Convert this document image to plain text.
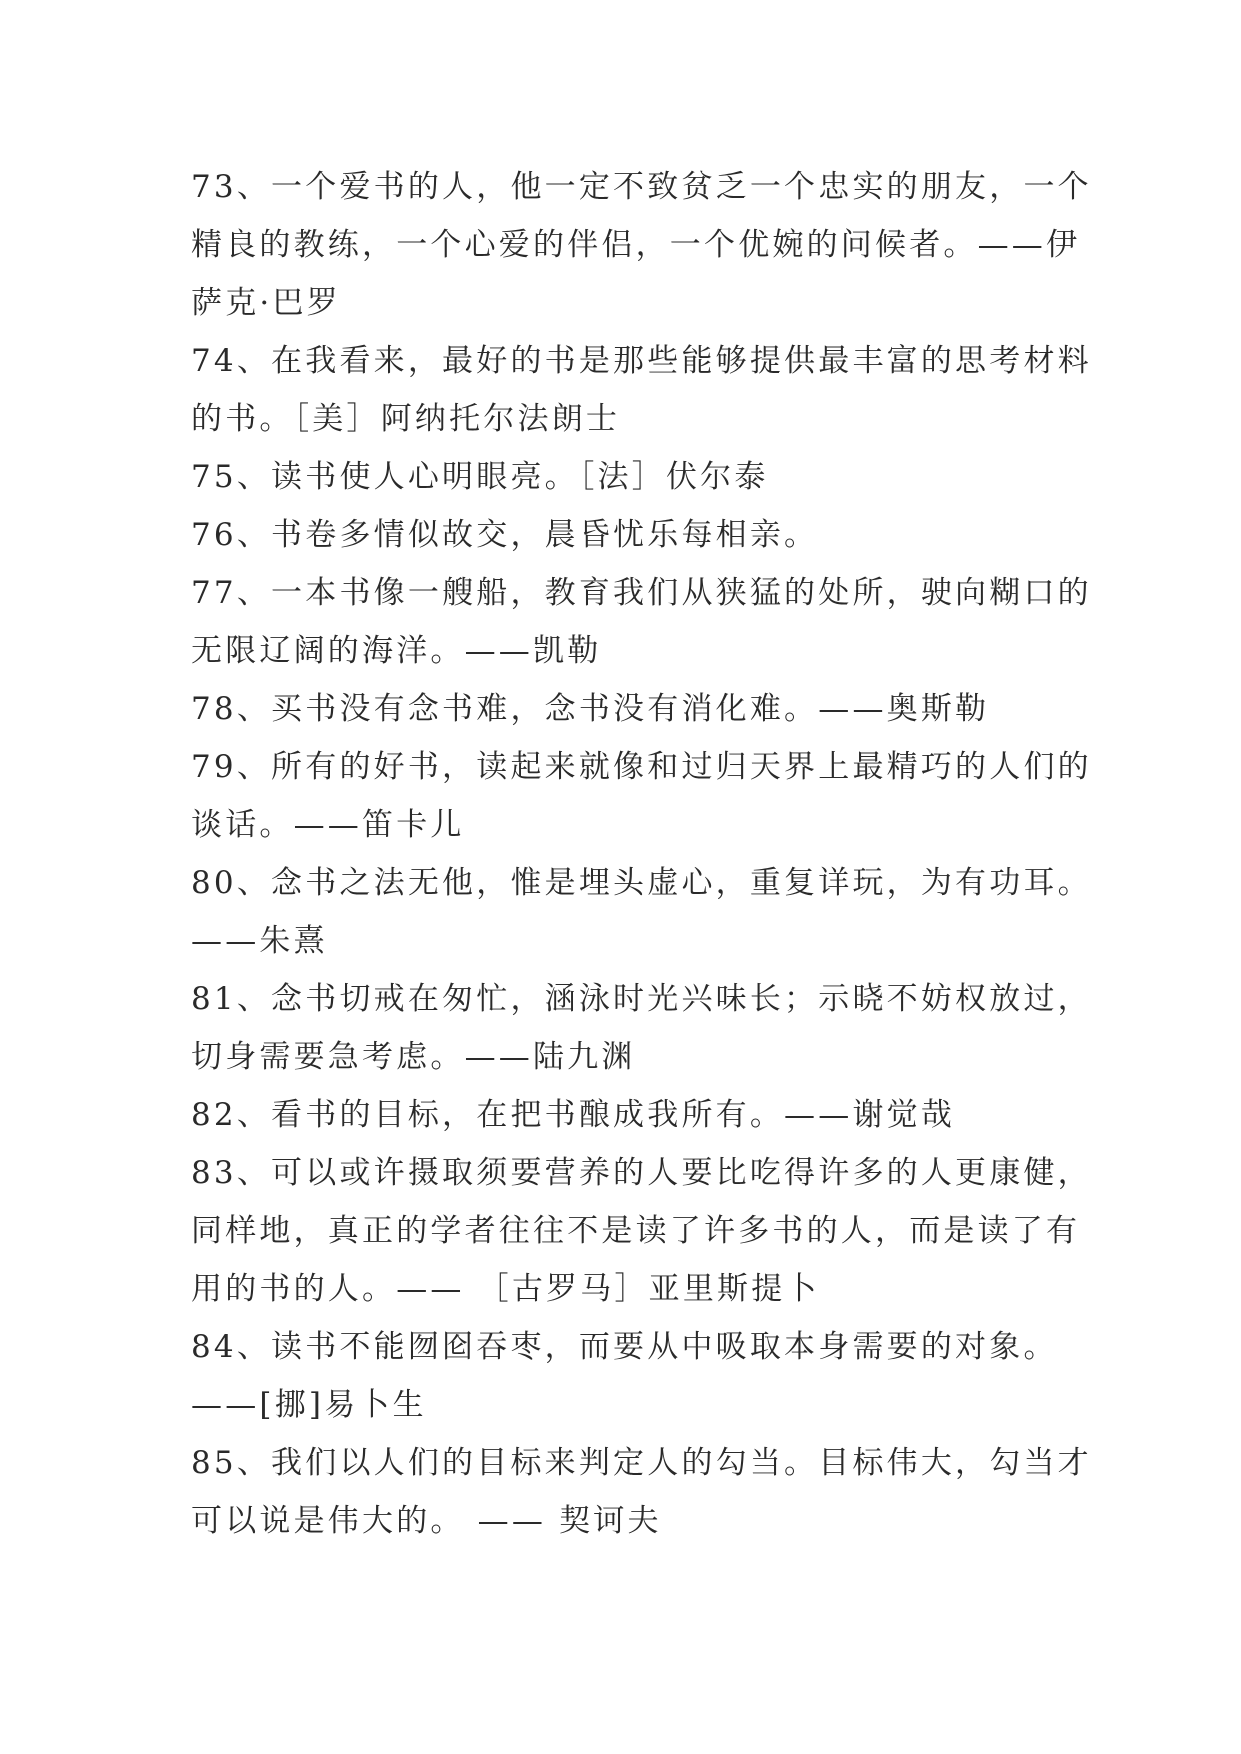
73、一个爱书的人，他一定不致贫乏一个忠实的朋友，一个
精良的教练，一个心爱的伴侣，一个优婉的问候者。——伊
萨克·巴罗
74、在我看来，最好的书是那些能够提供最丰富的思考材料
的书。［美］阿纳托尔法朗士
75、读书使人心明眼亮。［法］伏尔泰
76、书卷多情似故交，晨昏忧乐每相亲。
77、一本书像一艘船，教育我们从狭猛的处所，驶向糊口的
无限辽阔的海洋。——凯勒
78、买书没有念书难，念书没有消化难。——奥斯勒
79、所有的好书，读起来就像和过归天界上最精巧的人们的
谈话。——笛卡儿
80、念书之法无他，惟是埋头虚心，重复详玩，为有功耳。
——朱熹
81、念书切戒在匆忙，涵泳时光兴味长；示晓不妨权放过，
切身需要急考虑。——陆九渊
82、看书的目标，在把书酿成我所有。——谢觉哉
83、可以或许摄取须要营养的人要比吃得许多的人更康健，
同样地，真正的学者往往不是读了许多书的人，而是读了有
用的书的人。—— ［古罗马］亚里斯提卜
84、读书不能囫囵吞枣，而要从中吸取本身需要的对象。
——[挪]易卜生
85、我们以人们的目标来判定人的勾当。目标伟大，勾当才
可以说是伟大的。 —— 契诃夫
